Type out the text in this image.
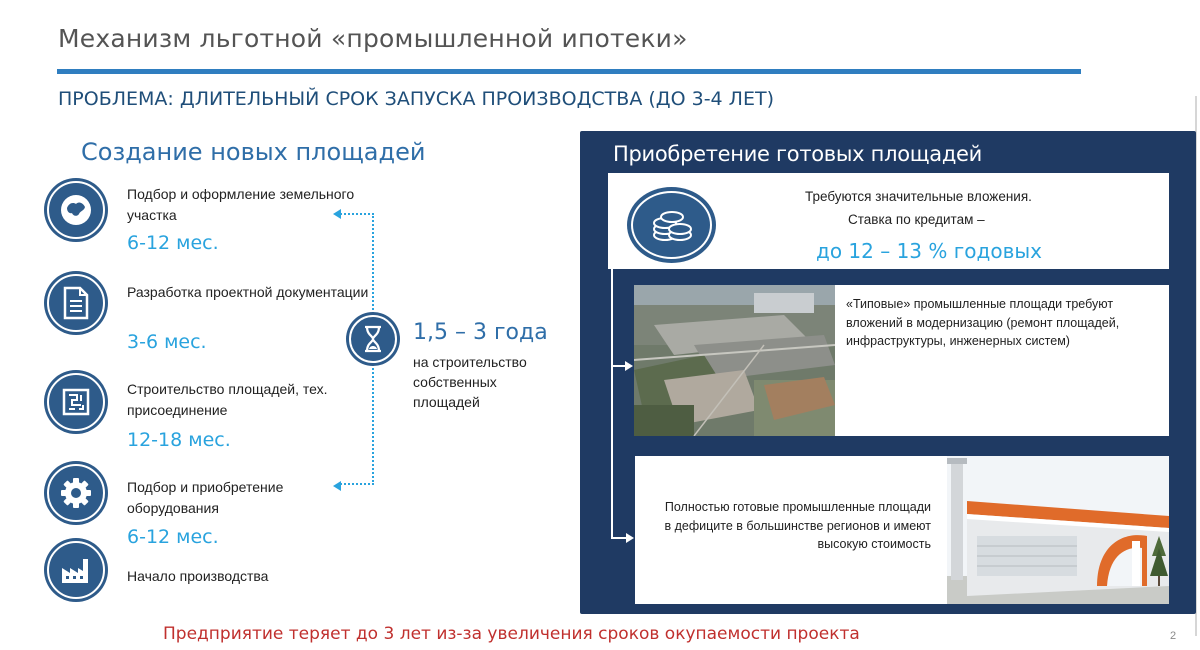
Механизм льготной «промышленной ипотеки»
ПРОБЛЕМА: ДЛИТЕЛЬНЫЙ СРОК ЗАПУСКА ПРОИЗВОДСТВА (ДО 3-4 ЛЕТ)
Создание новых площадей
Подбор и оформление земельного участка
6-12 мес.
Разработка проектной документации
3-6 мес.
Строительство площадей, тех. присоединение
12-18 мес.
Подбор и приобретение оборудования
6-12 мес.
Начало производства
1,5 – 3 года
на строительство собственных площадей
Приобретение готовых площадей
Требуются значительные вложения.
Ставка по кредитам –
до 12 – 13 % годовых
«Типовые» промышленные площади требуют вложений в модернизацию (ремонт площадей, инфраструктуры, инженерных систем)
Полностью готовые промышленные площади в дефиците в большинстве регионов и имеют высокую стоимость
Предприятие теряет до 3 лет из-за увеличения сроков окупаемости проекта	2
